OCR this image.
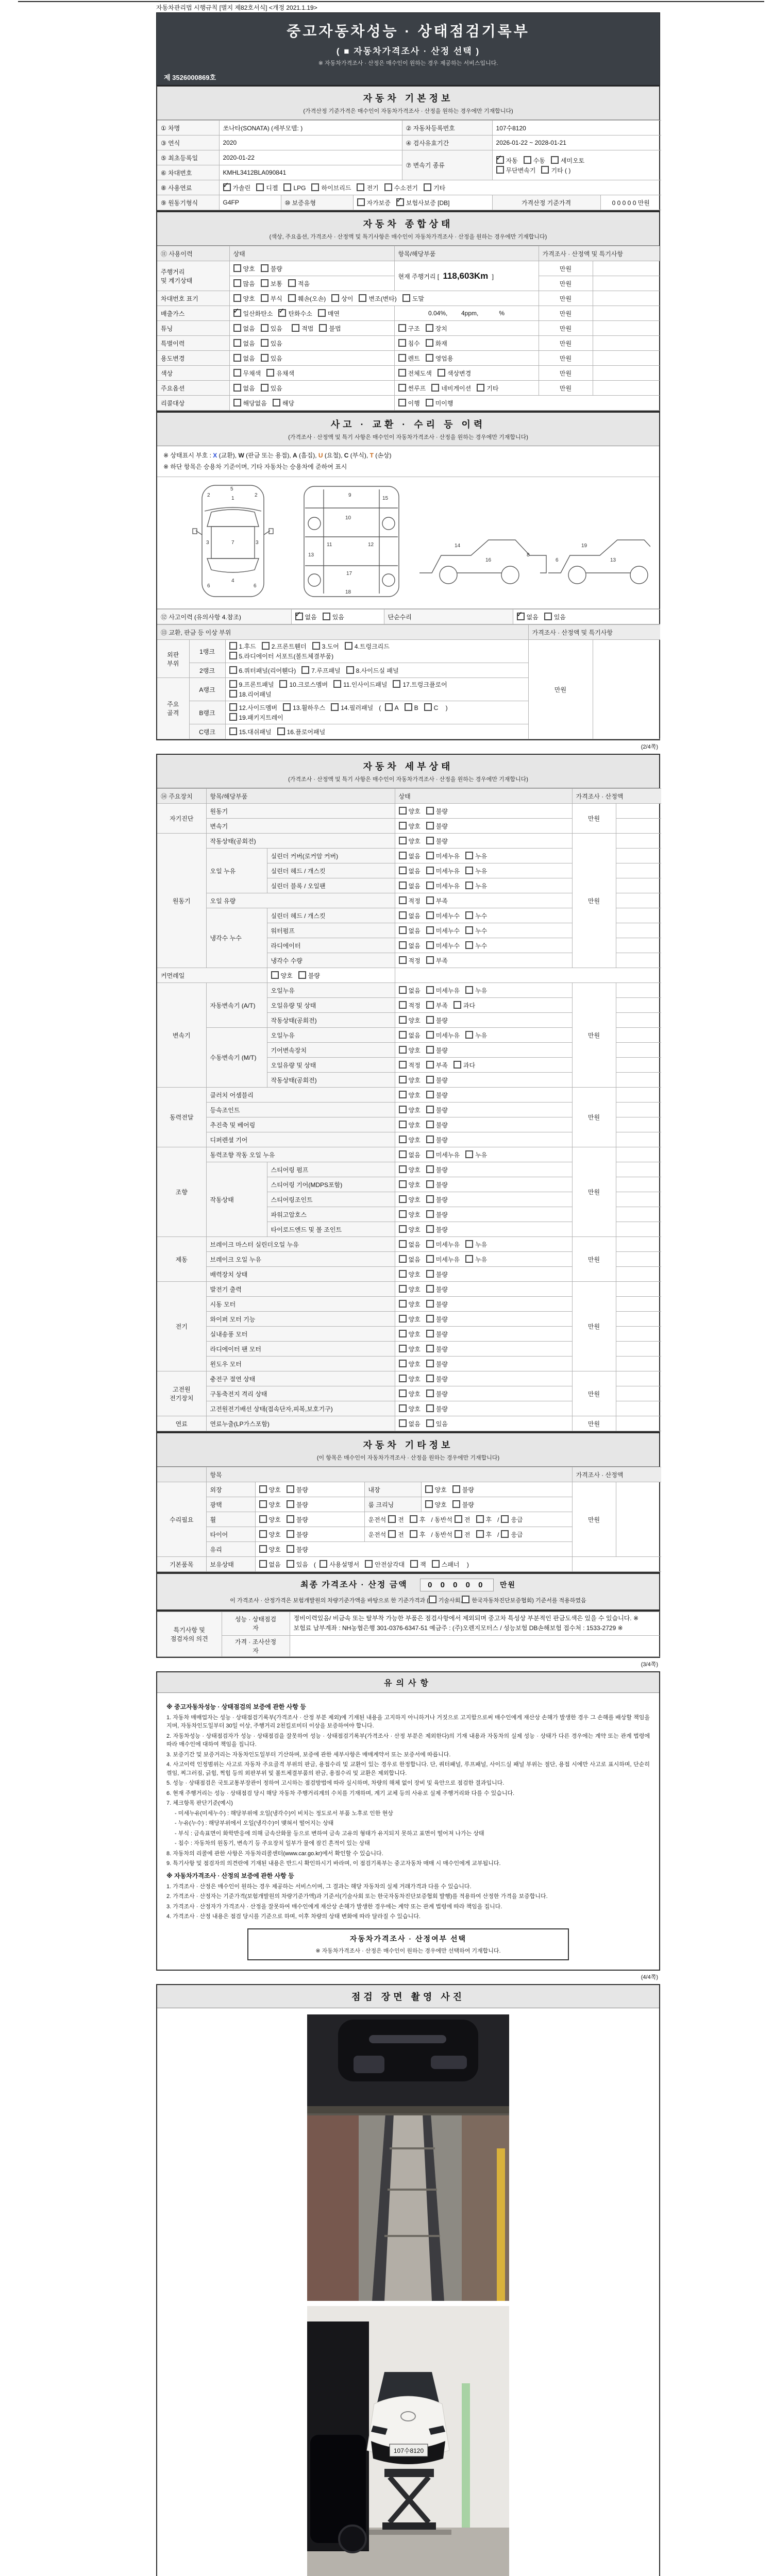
자동차관리법 시행규칙 [별지 제82호서식] <개정 2021.1.19>
중고자동차성능 · 상태점검기록부
( ■ 자동차가격조사 · 산정 선택 )
※ 자동차가격조사 · 산정은 매수인이 원하는 경우 제공하는 서비스입니다.
제 3526000869호
자동차 기본정보
(가격산정 기준가격은 매수인이 자동차가격조사 · 산정을 원하는 경우에만 기재합니다)
① 차명	쏘나타(SONATA) (세부모델: )			② 자동차등록번호	107수8120	
③ 연식	2020			④ 검사유효기간	2026-01-22 ~ 2028-01-21	
⑤ 최초등록일	2020-01-22			⑦ 변속기 종류	
✓자동 수동 세미오토
무단변속기 기타 ( )

⑥ 차대번호	KMHL3412BLA090841					
⑧ 사용연료	✓가솔린 디젤 LPG 하이브리드 전기 수소전기 기타
⑨ 원동기형식	G4FP	⑩ 보증유형	자가보증 ✓ 보험사보증 [DB]		가격산정 기준가격	0 0 0 0 0 만원
자동차 종합상태
(색상, 주요옵션, 가격조사 · 산정액 및 특기사항은 매수인이 자동차가격조사 · 산정을 원하는 경우에만 기재합니다)
⑪ 사용이력	상태	항목/해당부품	가격조사 · 산정액 및 특기사항	
주행거리
및 계기상태	양호 불량	현재 주행거리 [ 118,603Km ]	만원	
	많음 보통 적음		만원	
차대번호 표기	양호 부식 훼손(오손) 상이 변조(변타) 도말		만원	
배출가스	✓일산화탄소 ✓ 탄화수소 매연	0.04%,        4ppm,            %	만원	
튜닝	없음 있음 적법 불법	구조 장치	만원	
특별이력	없음 있음	침수 화재	만원	
용도변경	없음 있음	렌트 영업용	만원	
색상	무채색 유채색	전체도색 색상변경	만원	
주요옵션	없음 있음	썬루프 네비게이션 기타	만원	
리콜대상	해당없음 해당	이행 미이행		
사고 · 교환 · 수리 등 이력
(가격조사 · 산정액 및 특기 사항은 매수인이 자동차가격조사 · 산정을 원하는 경우에만 기재합니다)
※ 상태표시 부호 : X (교환), W (판금 또는 용접), A (흠집), U (요철), C (부식), T (손상)
※ 하단 항목은 승용차 기준이며, 기타 자동차는 승용차에 준하여 표시
1
7
4
2	2
3	3
6	6
5
9
10
11	12
13
17
18
15
14
16
8
19
13
6
⑫ 사고이력 (유의사항 4.참조)	✓없음	있음	단순수리	✓없음	있음
⑬ 교환, 판금 등 이상 부위			가격조사 · 산정액 및 특기사항	
외판
부위	1랭크	
1.후드	2.프론트휀더	3.도어	4.트렁크리드
5.라디에이터 서포트(볼트체결부품)
	만원	
	2랭크	6.쿼터패널(리어휀다) 7.루프패널 8.사이드실 패널		

주요
골격	A랭크	
9.프론트패널	10.크로스멤버	11.인사이드패널	17.트렁크플로어
18.리어패널

	B랭크	12.사이드멤버 13.휠하우스 14.필러패널 ( A B C )
19.패키지트레이		

	C랭크	15.대쉬패널 16.플로어패널		
(2/4쪽)
자동차 세부상태
(가격조사 · 산정액 및 특기 사항은 매수인이 자동차가격조사 · 산정을 원하는 경우에만 기재합니다)
⑭ 주요장치	항목/해당부품		상태	가격조사 · 산정액	
자기진단	원동기		양호 불량	만원	
	변속기		양호 불량		
원동기	작동상태(공회전)		양호 불량	만원	
	오일 누유	실린더 커버(로커암 커버)	없음 미세누유 누유		
		실린더 헤드 / 개스킷	없음 미세누유 누유		
		실린더 블록 / 오일팬	없음 미세누유 누유		
	오일 유량		적정 부족		
	냉각수 누수	실린더 헤드 / 개스킷	없음 미세누수 누수		
		워터펌프	없음 미세누수 누수		
		라디에이터	없음 미세누수 누수		
		냉각수 수량	적정 부족		
커먼레일		양호 불량			
변속기	자동변속기 (A/T)	오일누유	없음 미세누유 누유	만원	
		오일유량 및 상태	적정 부족 과다		
		작동상태(공회전)	양호 불량		
	수동변속기 (M/T)	오일누유	없음 미세누유 누유		
		기어변속장치	양호 불량		
		오일유량 및 상태	적정 부족 과다		
		작동상태(공회전)	양호 불량		
동력전달	클러치 어셈블리		양호 불량	만원	
	등속조인트		양호 불량		
	추진축 및 베어링		양호 불량		
	디퍼렌셜 기어		양호 불량		
조향	동력조향 작동 오일 누유		없음 미세누유 누유	만원	
	작동상태	스티어링 펌프	양호 불량		
		스티어링 기어(MDPS포함)	양호 불량		
		스티어링조인트	양호 불량		
		파워고압호스	양호 불량		
		타이로드엔드 및 볼 조인트	양호 불량		
제동	브레이크 마스터 실린더오일 누유		없음 미세누유 누유	만원	
	브레이크 오일 누유		없음 미세누유 누유		
	배력장치 상태		양호 불량		
전기	발전기 출력		양호 불량	만원	
	시동 모터		양호 불량		
	와이퍼 모터 기능		양호 불량		
	실내송풍 모터		양호 불량		
	라디에이터 팬 모터		양호 불량		
	윈도우 모터		양호 불량		
고전원
전기장치	충전구 절연 상태		양호 불량	만원	
	구동축전지 격리 상태		양호 불량		
	고전원전기배선 상태(접속단자,피복,보호기구)		양호 불량		
연료	연료누출(LP가스포함)		없음 있음	만원	
자동차 기타정보
(이 항목은 매수인이 자동차가격조사 · 산정을 원하는 경우에만 기재합니다)
	항목				가격조사 · 산정액	
수리필요	외장	양호 불량	내장	양호 불량	만원	
	광택	양호 불량	룸 크리닝	양호 불량		
	휠	양호 불량	운전석 전 후 / 동반석 전 후 / 응급			
	타이어	양호 불량	운전석 전 후 / 동반석 전 후 / 응급			
	유리	양호 불량				
기본품목	보유상태	없음 있음 ( 사용설명서 안전삼각대 잭 스패너 )				
최종 가격조사 · 산정 금액	0 0 0 0 0 만원
이 가격조사 · 산정가격은 보험개발원의 차량기준가액을 바탕으로 한 기준가격과 ( 기술사회, 한국자동차진단보증협회) 기준서를 적용하였음
특기사항 및
점검자의 의견	성능 · 상태점검
자	정비이력있음/ 비금속 또는 탈부착 가능한 부품은 점검사항에서 제외되며 중고차 특성상 부분적인 판금도색은 있을 수 있습니다. ※보험료 납부계좌 : NH농협은행 301-0376-6347-51 예금주 : (주)오렌지모터스 / 성능보험 DB손해보험 접수처 : 1533-2729 ※
	가격 · 조사산정
자	
(3/4쪽)
유의사항
※ 중고자동차성능 · 상태점검의 보증에 관한 사항 등
1. 자동차 매매업자는 성능 · 상태점검기록부(가격조사 · 산정 부분 제외)에 기재된 내용을 고지하지 아니하거나 거짓으로 고지함으로써 매수인에게 재산상 손해가 발생한 경우 그 손해를 배상할 책임을 지며, 자동차인도일부터 30일 이상, 주행거리 2천킬로미터 이상을 보증하여야 합니다.
2. 자동차성능 · 상태점검자가 성능 · 상태점검을 잘못하여 성능 · 상태점검기록부(가격조사 · 산정 부분은 제외한다)의 기재 내용과 자동차의 실제 성능 · 상태가 다른 경우에는 계약 또는 관계 법령에 따라 매수인에 대하여 책임을 집니다.
3. 보증기간 및 보증거리는 자동차인도일부터 기산하며, 보증에 관한 세부사항은 매매계약서 또는 보증서에 따릅니다.
4. 사고이력 인정범위는 사고로 자동차 주요골격 부위의 판금, 용접수리 및 교환이 있는 경우로 한정합니다. 단, 쿼터패널, 루프패널, 사이드실 패널 부위는 절단, 용접 시에만 사고로 표시하며, 단순히 꺾임, 찌그러짐, 긁힘, 찍힘 등의 외판부위 및 볼트체결부품의 판금, 용접수리 및 교환은 제외합니다.
5. 성능 · 상태점검은 국토교통부장관이 정하여 고시하는 점검방법에 따라 실시하며, 차량의 해체 없이 장비 및 육안으로 점검한 결과입니다.
6. 현재 주행거리는 성능 · 상태점검 당시 해당 자동차 주행거리계의 수치를 기재하며, 계기 교체 등의 사유로 실제 주행거리와 다를 수 있습니다.
7. 체크항목 판단기준(예시)
- 미세누유(미세누수) : 해당부위에 오일(냉각수)이 비치는 정도로서 부품 노후로 인한 현상
- 누유(누수) : 해당부위에서 오일(냉각수)이 맺혀서 떨어지는 상태
- 부식 : 금속표면이 화학반응에 의해 금속산화물 등으로 변하여 금속 고유의 형태가 유지되지 못하고 표면이 떨어져 나가는 상태
- 침수 : 자동차의 원동기, 변속기 등 주요장치 일부가 물에 잠긴 흔적이 있는 상태
8. 자동차의 리콜에 관한 사항은 자동차리콜센터(www.car.go.kr)에서 확인할 수 있습니다.
9. 특기사항 및 점검자의 의견란에 기재된 내용은 반드시 확인하시기 바라며, 이 점검기록부는 중고자동차 매매 시 매수인에게 교부됩니다.
※ 자동차가격조사 · 산정의 보증에 관한 사항 등
1. 가격조사 · 산정은 매수인이 원하는 경우 제공하는 서비스이며, 그 결과는 해당 자동차의 실제 거래가격과 다를 수 있습니다.
2. 가격조사 · 산정자는 기준가격(보험개발원의 차량기준가액)과 기준서(기술사회 또는 한국자동차진단보증협회 발행)를 적용하여 산정한 가격을 보증합니다.
3. 가격조사 · 산정자가 가격조사 · 산정을 잘못하여 매수인에게 재산상 손해가 발생한 경우에는 계약 또는 관계 법령에 따라 책임을 집니다.
4. 가격조사 · 산정 내용은 점검 당시를 기준으로 하며, 이후 차량의 상태 변화에 따라 달라질 수 있습니다.
자동차가격조사 · 산정여부 선택
※ 자동차가격조사 · 산정은 매수인이 원하는 경우에만 선택하여 기재합니다.
(4/4쪽)
점검 장면 촬영 사진
107수8120
